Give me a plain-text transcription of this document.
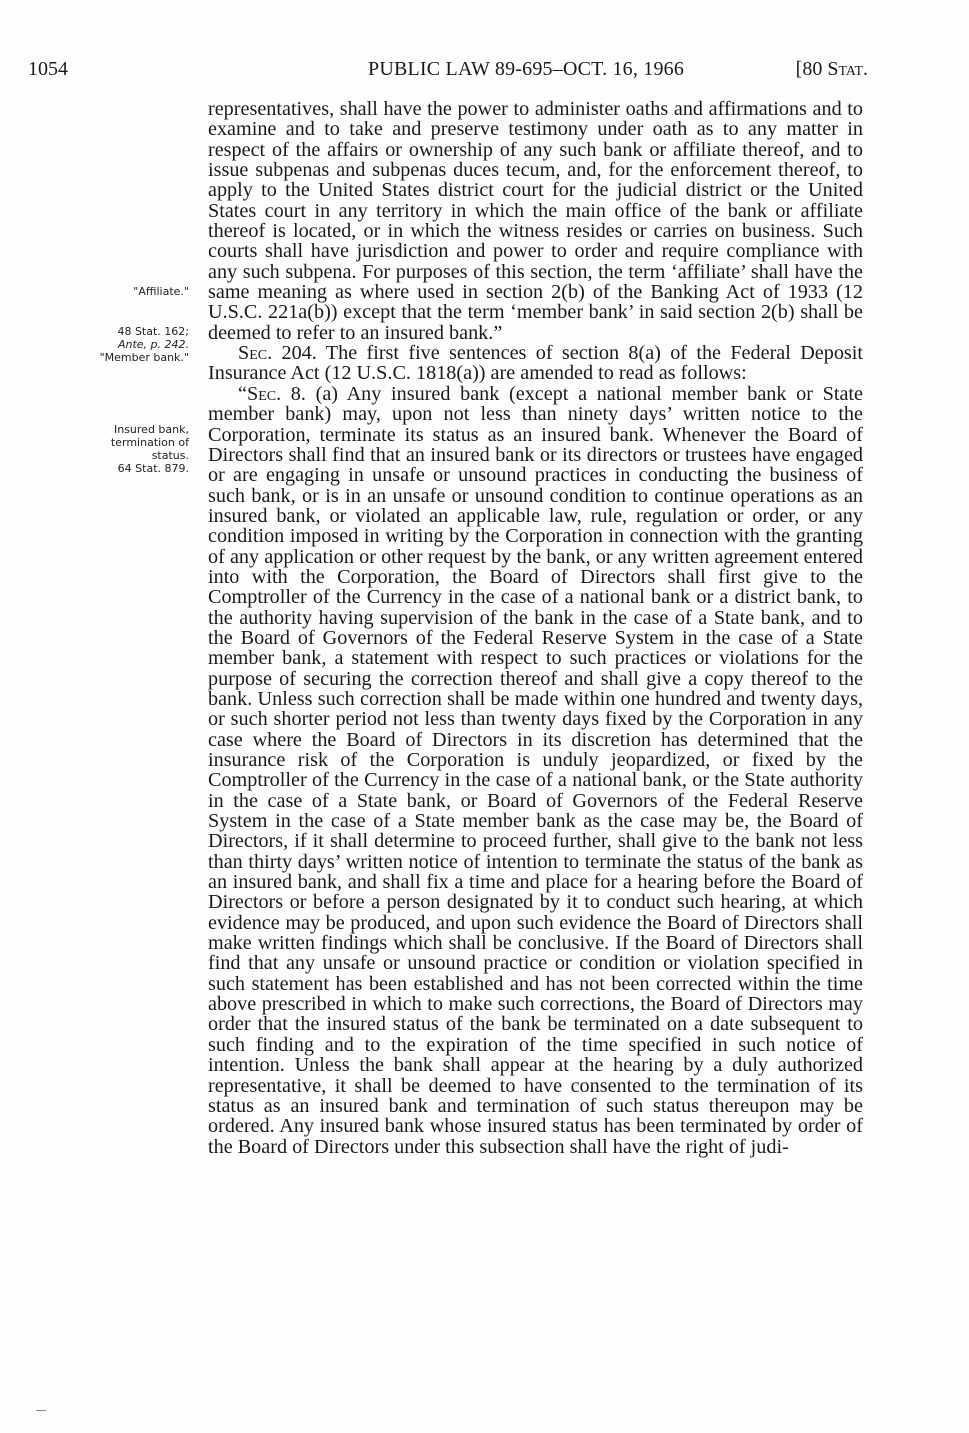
1054	PUBLIC LAW 89-695–OCT. 16, 1966	[80 Stat.
"Affiliate."
48 Stat. 162;
Ante, p. 242.
"Member bank."
Insured bank,
termination of
status.
64 Stat. 879.

representatives, shall have the power to administer oaths and affirmations and to examine and to take and preserve testimony under oath as to any matter in respect of the affairs or ownership of any such bank or affiliate thereof, and to issue subpenas and subpenas duces tecum, and, for the enforcement thereof, to apply to the United States district court for the judicial district or the United States court in any territory in which the main office of the bank or affiliate thereof is located, or in which the witness resides or carries on business. Such courts shall have jurisdiction and power to order and require compliance with any such subpena. For purposes of this section, the term ‘affiliate’ shall have the same meaning as where used in section 2(b) of the Banking Act of 1933 (12 U.S.C. 221a(b)) except that the term ‘member bank’ in said section 2(b) shall be deemed to refer to an insured bank.”

Sec. 204. The first five sentences of section 8(a) of the Federal Deposit Insurance Act (12 U.S.C. 1818(a)) are amended to read as follows:

“Sec. 8. (a) Any insured bank (except a national member bank or State member bank) may, upon not less than ninety days’ written notice to the Corporation, terminate its status as an insured bank. Whenever the Board of Directors shall find that an insured bank or its directors or trustees have engaged or are engaging in unsafe or unsound practices in conducting the business of such bank, or is in an unsafe or unsound condition to continue operations as an insured bank, or violated an applicable law, rule, regulation or order, or any condition imposed in writing by the Corporation in connection with the granting of any application or other request by the bank, or any written agreement entered into with the Corporation, the Board of Directors shall first give to the Comptroller of the Currency in the case of a national bank or a district bank, to the authority having supervision of the bank in the case of a State bank, and to the Board of Governors of the Federal Reserve System in the case of a State member bank, a statement with respect to such practices or violations for the purpose of securing the correction thereof and shall give a copy thereof to the bank. Unless such correction shall be made within one hundred and twenty days, or such shorter period not less than twenty days fixed by the Corporation in any case where the Board of Directors in its discretion has determined that the insurance risk of the Corporation is unduly jeopardized, or fixed by the Comptroller of the Currency in the case of a national bank, or the State authority in the case of a State bank, or Board of Governors of the Federal Reserve System in the case of a State member bank as the case may be, the Board of Directors, if it shall determine to proceed further, shall give to the bank not less than thirty days’ written notice of intention to terminate the status of the bank as an insured bank, and shall fix a time and place for a hearing before the Board of Directors or before a person designated by it to conduct such hearing, at which evidence may be produced, and upon such evidence the Board of Directors shall make written findings which shall be conclusive. If the Board of Directors shall find that any unsafe or unsound practice or condition or violation specified in such statement has been established and has not been corrected within the time above prescribed in which to make such corrections, the Board of Directors may order that the insured status of the bank be terminated on a date subsequent to such finding and to the expiration of the time specified in such notice of intention. Unless the bank shall appear at the hearing by a duly authorized representative, it shall be deemed to have consented to the termination of its status as an insured bank and termination of such status thereupon may be ordered. Any insured bank whose insured status has been terminated by order of the Board of Directors under this subsection shall have the right of judi-
